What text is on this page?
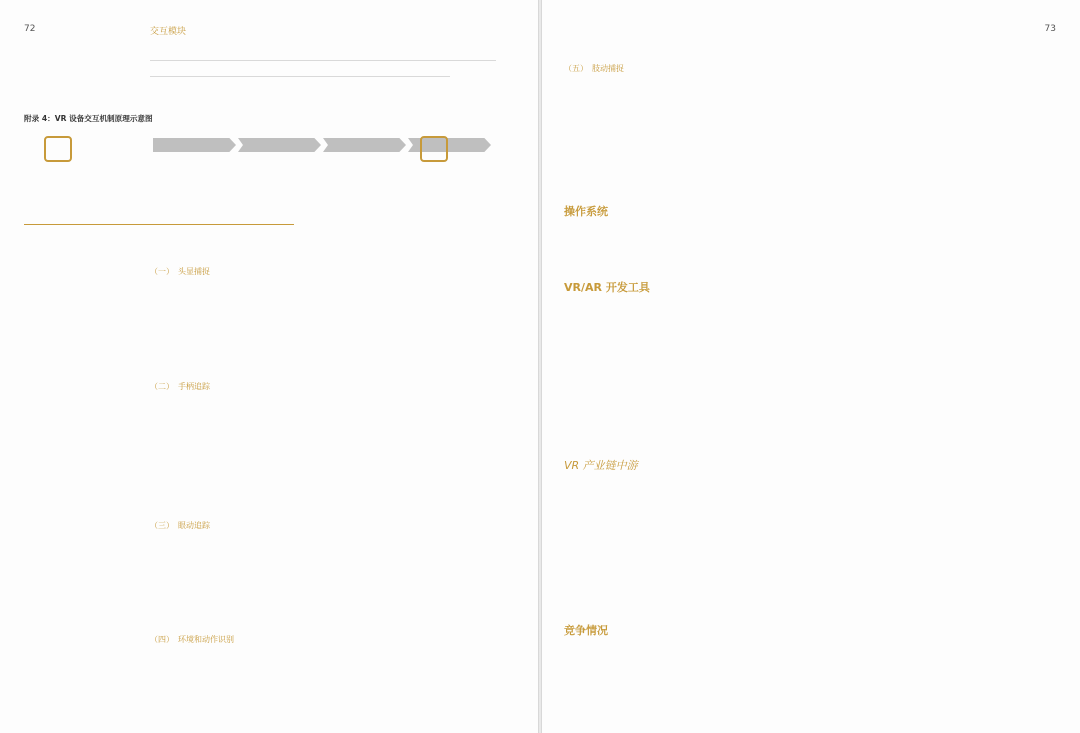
72	交互模块
附录 4：VR 设备交互机制原理示意图
（一）　头显捕捉
（二）　手柄追踪
（三）　眼动追踪
（四）　环境和动作识别
73
（五）　肢动捕捉
操作系统
VR/AR 开发工具
VR 产业链中游
竞争情况
